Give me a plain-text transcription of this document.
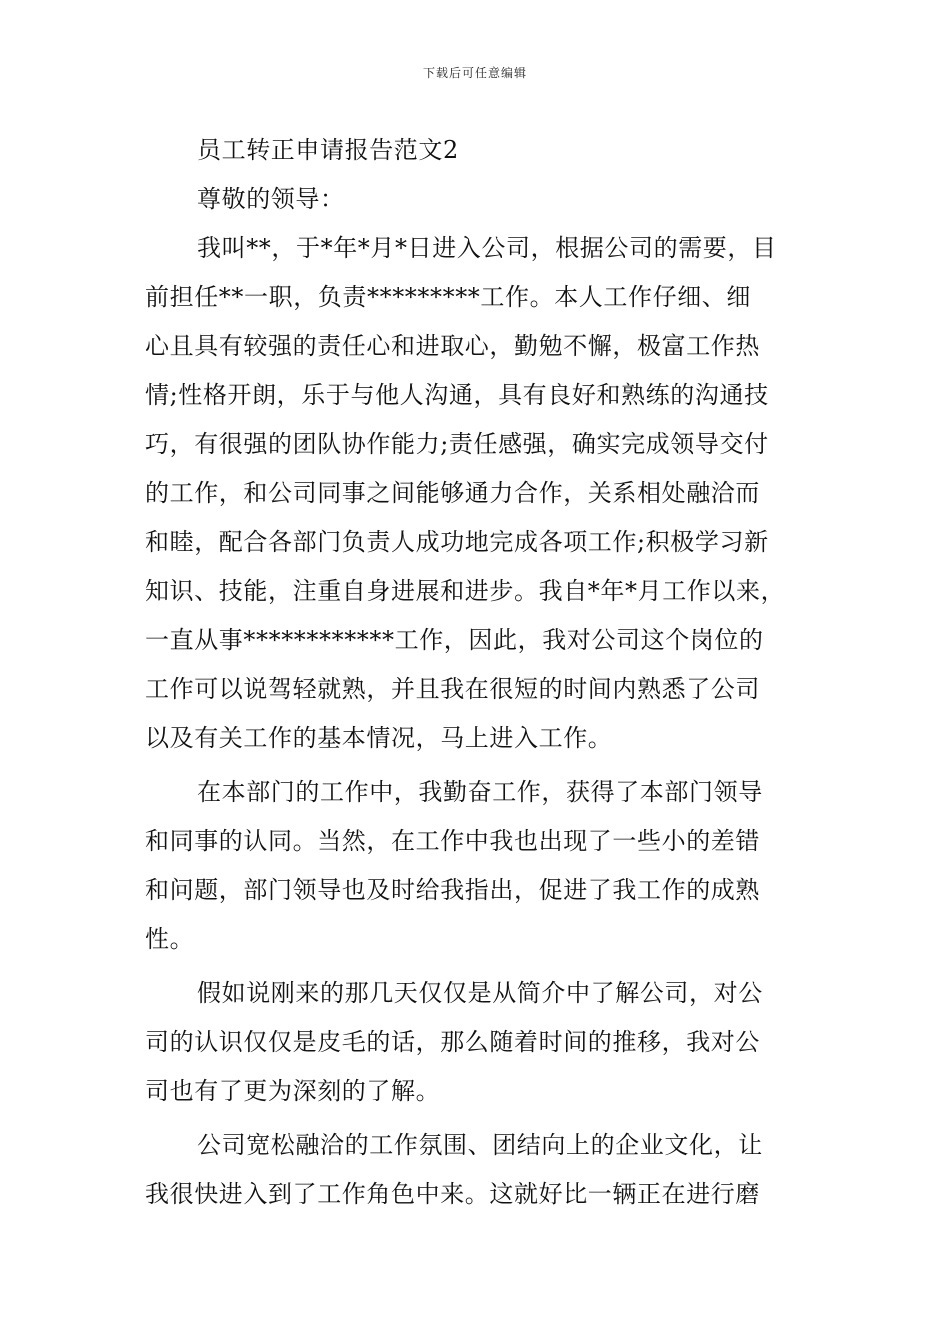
下载后可任意编辑
员工转正申请报告范文2
尊敬的领导：
我叫**，于*年*月*日进入公司，根据公司的需要，目
前担任**一职，负责*********工作。本人工作仔细、细
心且具有较强的责任心和进取心，勤勉不懈，极富工作热
情;性格开朗，乐于与他人沟通，具有良好和熟练的沟通技
巧，有很强的团队协作能力;责任感强，确实完成领导交付
的工作，和公司同事之间能够通力合作，关系相处融洽而
和睦，配合各部门负责人成功地完成各项工作;积极学习新
知识、技能，注重自身进展和进步。我自*年*月工作以来，
一直从事************工作，因此，我对公司这个岗位的
工作可以说驾轻就熟，并且我在很短的时间内熟悉了公司
以及有关工作的基本情况，马上进入工作。
在本部门的工作中，我勤奋工作，获得了本部门领导
和同事的认同。当然，在工作中我也出现了一些小的差错
和问题，部门领导也及时给我指出，促进了我工作的成熟
性。
假如说刚来的那几天仅仅是从简介中了解公司，对公
司的认识仅仅是皮毛的话，那么随着时间的推移，我对公
司也有了更为深刻的了解。
公司宽松融洽的工作氛围、团结向上的企业文化，让
我很快进入到了工作角色中来。这就好比一辆正在进行磨
